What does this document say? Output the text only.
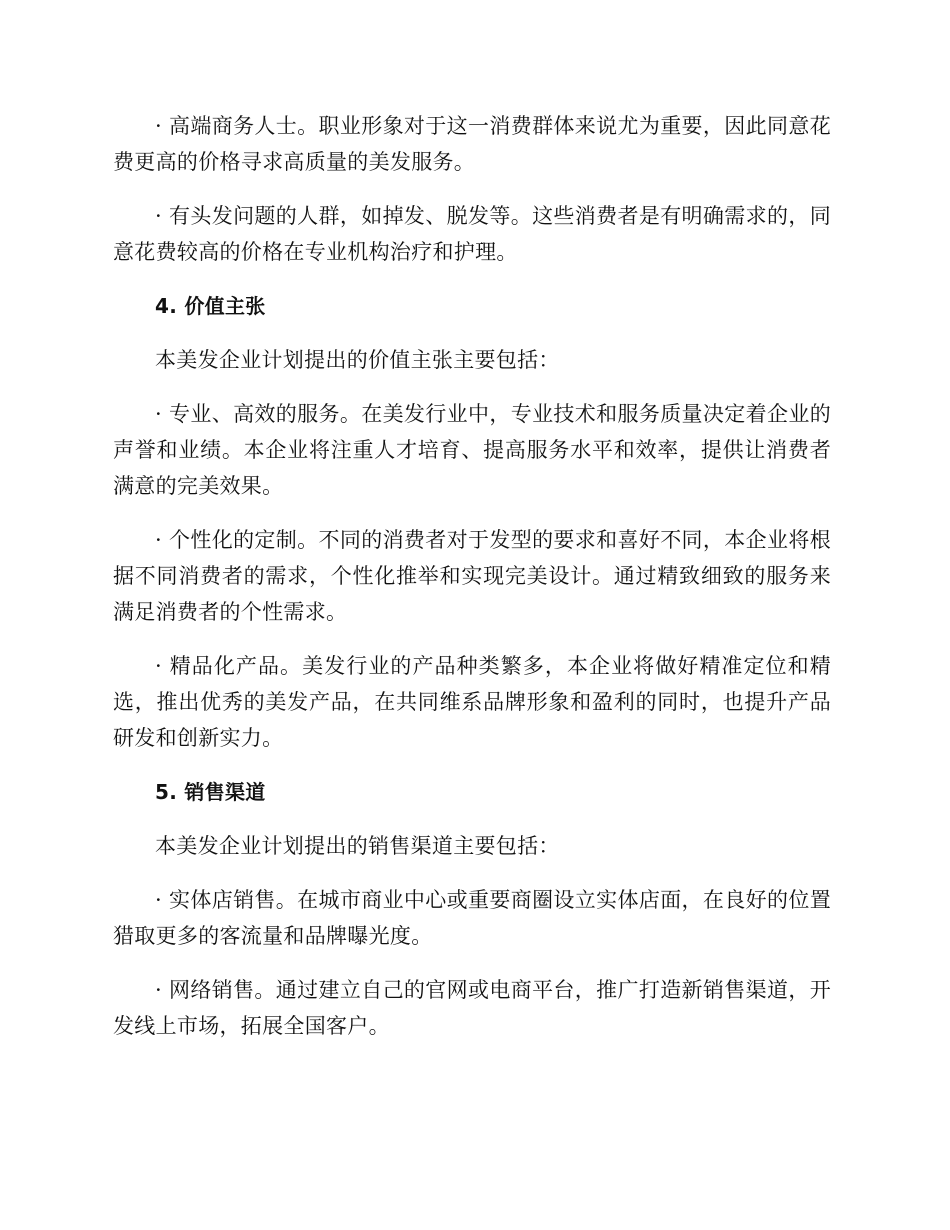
· 高端商务人士。职业形象对于这一消费群体来说尤为重要，因此同意花费更高的价格寻求高质量的美发服务。

· 有头发问题的人群，如掉发、脱发等。这些消费者是有明确需求的，同意花费较高的价格在专业机构治疗和护理。

4. 价值主张

本美发企业计划提出的价值主张主要包括：

· 专业、高效的服务。在美发行业中，专业技术和服务质量决定着企业的声誉和业绩。本企业将注重人才培育、提高服务水平和效率，提供让消费者满意的完美效果。

· 个性化的定制。不同的消费者对于发型的要求和喜好不同，本企业将根据不同消费者的需求，个性化推举和实现完美设计。通过精致细致的服务来满足消费者的个性需求。

· 精品化产品。美发行业的产品种类繁多，本企业将做好精准定位和精选，推出优秀的美发产品，在共同维系品牌形象和盈利的同时，也提升产品研发和创新实力。

5. 销售渠道

本美发企业计划提出的销售渠道主要包括：

· 实体店销售。在城市商业中心或重要商圈设立实体店面，在良好的位置猎取更多的客流量和品牌曝光度。

· 网络销售。通过建立自己的官网或电商平台，推广打造新销售渠道，开发线上市场，拓展全国客户。
